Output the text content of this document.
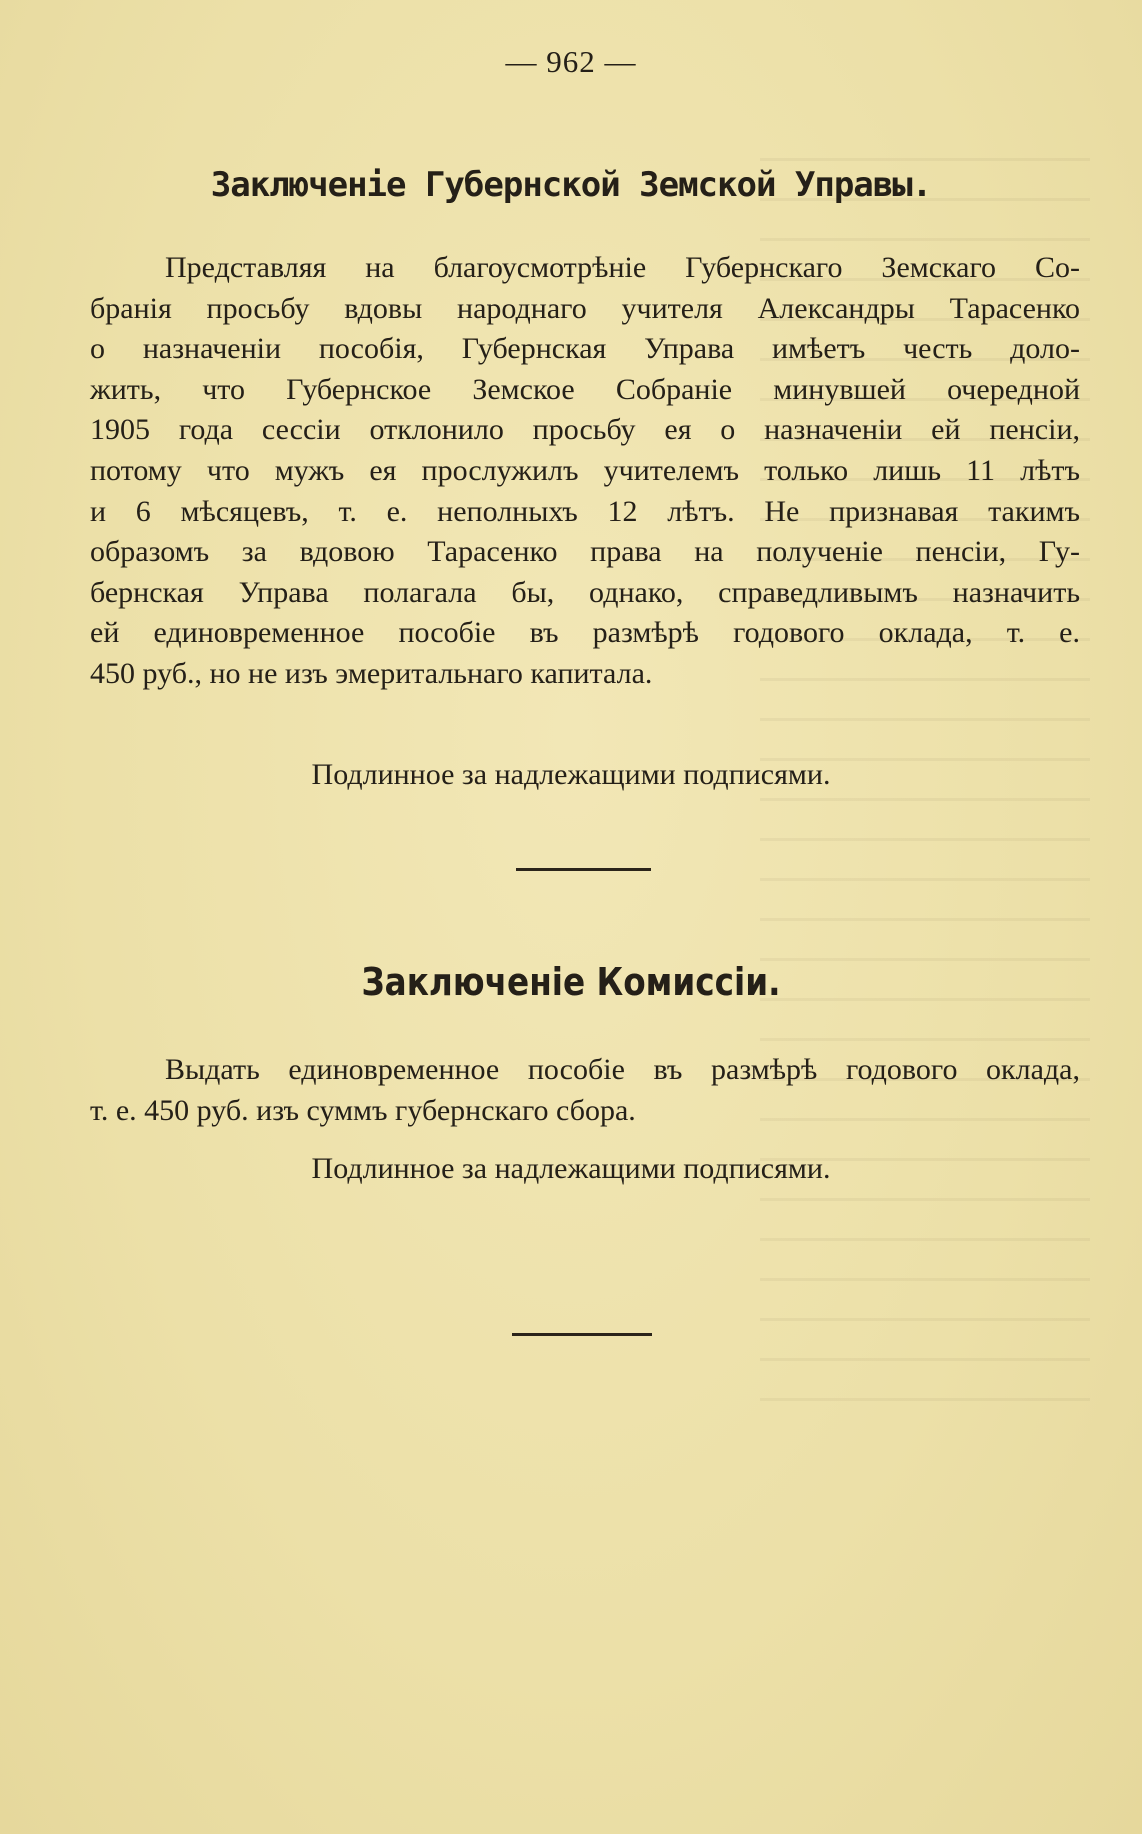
— 962 —
Заключенiе Губернской Земской Управы.
Представляя на благоусмотрѣнiе Губернскаго Земскаго Со-
бранiя просьбу вдовы народнаго учителя Александры Тарасенко
о назначенiи пособiя, Губернская Управа имѣетъ честь доло-
жить, что Губернское Земское Собранiе минувшей очередной
1905 года сессiи отклонило просьбу ея о назначенiи ей пенсiи,
потому что мужъ ея прослужилъ учителемъ только лишь 11 лѣтъ
и 6 мѣсяцевъ, т. е. неполныхъ 12 лѣтъ. Не признавая такимъ
образомъ за вдовою Тарасенко права на полученiе пенсiи, Гу-
бернская Управа полагала бы, однако, справедливымъ назначить
ей единовременное пособiе въ размѣрѣ годового оклада, т. е.
450 руб., но не изъ эмеритальнаго капитала.
Подлинное за надлежащими подписями.
Заключенiе Комиссiи.
Выдать единовременное пособiе въ размѣрѣ годового оклада,
т. е. 450 руб. изъ суммъ губернскаго сбора.
Подлинное за надлежащими подписями.
